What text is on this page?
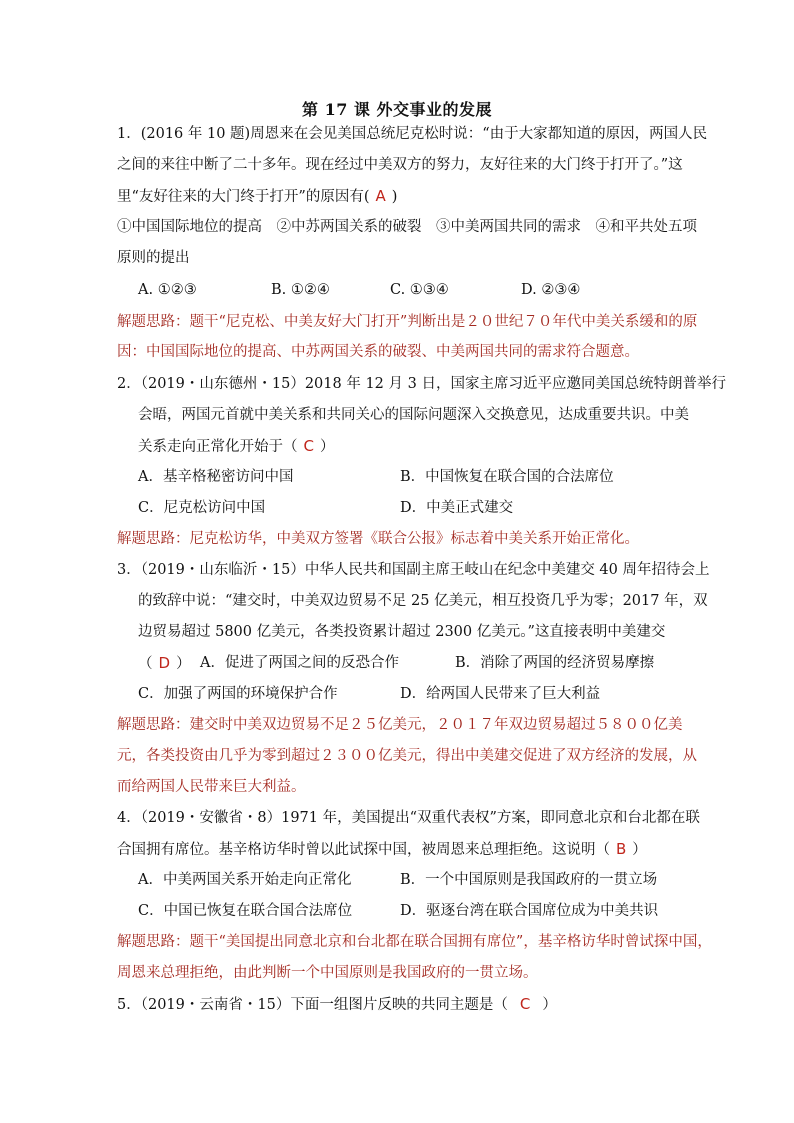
第 17 课 外交事业的发展
1．(2016 年 10 题)周恩来在会见美国总统尼克松时说：“由于大家都知道的原因，两国人民
之间的来往中断了二十多年。现在经过中美双方的努力，友好往来的大门终于打开了。”这
里“友好往来的大门终于打开”的原因有( A )
①中国国际地位的提高　②中苏两国关系的破裂　③中美两国共同的需求　④和平共处五项
原则的提出
A. ①②③	B. ①②④	C. ①③④	D. ②③④
解题思路：题干“尼克松、中美友好大门打开”判断出是２０世纪７０年代中美关系缓和的原
因：中国国际地位的提高、中苏两国关系的破裂、中美两国共同的需求符合题意。
2．（2019・山东德州・15）2018 年 12 月 3 日，国家主席习近平应邀同美国总统特朗普举行
会晤，两国元首就中美关系和共同关心的国际问题深入交换意见，达成重要共识。中美
关系走向正常化开始于（ C ）
A．基辛格秘密访问中国	B．中国恢复在联合国的合法席位
C．尼克松访问中国	D．中美正式建交
解题思路：尼克松访华，中美双方签署《联合公报》标志着中美关系开始正常化。
3．（2019・山东临沂・15）中华人民共和国副主席王岐山在纪念中美建交 40 周年招待会上
的致辞中说：“建交时，中美双边贸易不足 25 亿美元，相互投资几乎为零；2017 年，双
边贸易超过 5800 亿美元，各类投资累计超过 2300 亿美元。”这直接表明中美建交
（ D ） A．促进了两国之间的反恐合作	B．消除了两国的经济贸易摩擦
C．加强了两国的环境保护合作	D．给两国人民带来了巨大利益
解题思路：建交时中美双边贸易不足２５亿美元，２０１７年双边贸易超过５８００亿美
元，各类投资由几乎为零到超过２３００亿美元，得出中美建交促进了双方经济的发展，从
而给两国人民带来巨大利益。
4．（2019・安徽省・8）1971 年，美国提出“双重代表权”方案，即同意北京和台北都在联
合国拥有席位。基辛格访华时曾以此试探中国，被周恩来总理拒绝。这说明（ B ）
A．中美两国关系开始走向正常化	B．一个中国原则是我国政府的一贯立场
C．中国已恢复在联合国合法席位	D．驱逐台湾在联合国席位成为中美共识
解题思路：题干“美国提出同意北京和台北都在联合国拥有席位”，基辛格访华时曾试探中国，
周恩来总理拒绝，由此判断一个中国原则是我国政府的一贯立场。
5．（2019・云南省・15）下面一组图片反映的共同主题是（ C ）
